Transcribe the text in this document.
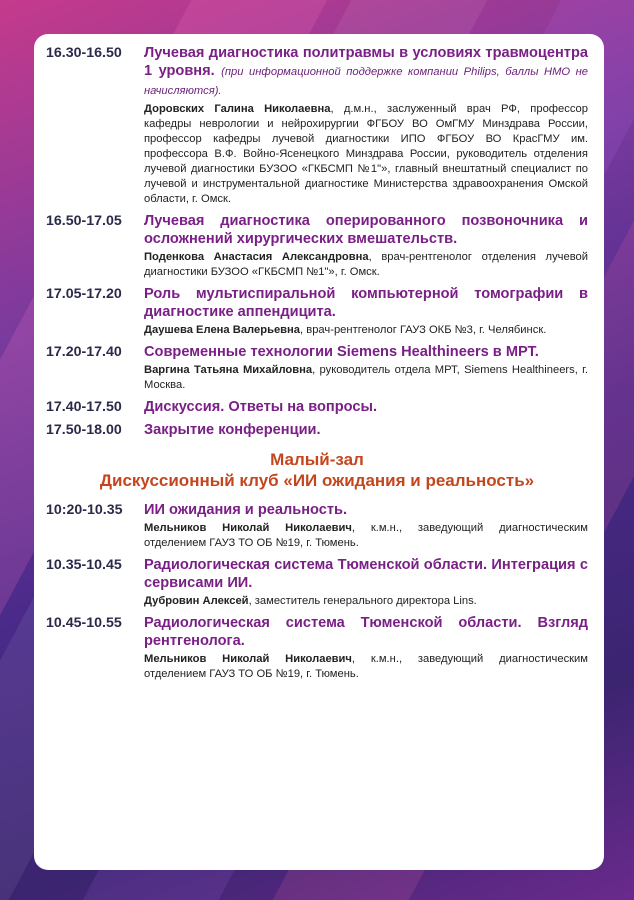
16.30-16.50	Лучевая диагностика политравмы в условиях травмоцентра 1 уровня. (при информационной поддержке компании Philips, баллы НМО не начисляются).
Доровских Галина Николаевна, д.м.н., заслуженный врач РФ, профессор кафедры неврологии и нейрохирургии ФГБОУ ВО ОмГМУ Минздрава России, профессор кафедры лучевой диагностики ИПО ФГБОУ ВО КрасГМУ им. профессора В.Ф. Войно-Ясенецкого Минздрава России, руководитель отделения лучевой диагностики БУЗОО «ГКБСМП №1"», главный внештатный специалист по лучевой и инструментальной диагностике Министерства здравоохранения Омской области, г. Омск.
16.50-17.05	Лучевая диагностика оперированного позвоночника и осложнений хирургических вмешательств.
Поденкова Анастасия Александровна, врач-рентгенолог отделения лучевой диагностики БУЗОО «ГКБСМП №1"», г. Омск.
17.05-17.20	Роль мультиспиральной компьютерной томографии в диагностике аппендицита.
Даушева Елена Валерьевна, врач-рентгенолог ГАУЗ ОКБ №3, г. Челябинск.
17.20-17.40	Современные технологии Siemens Healthineers в МРТ.
Варгина Татьяна Михайловна, руководитель отдела МРТ, Siemens Healthineers, г. Москва.
17.40-17.50	Дискуссия. Ответы на вопросы.
17.50-18.00	Закрытие конференции.
Малый-зал
Дискуссионный клуб «ИИ ожидания и реальность»
10:20-10.35	ИИ ожидания и реальность.
Мельников Николай Николаевич, к.м.н., заведующий диагностическим отделением ГАУЗ ТО ОБ №19, г. Тюмень.
10.35-10.45	Радиологическая система Тюменской области. Интеграция с сервисами ИИ.
Дубровин Алексей, заместитель генерального директора Lins.
10.45-10.55	Радиологическая система Тюменской области. Взгляд рентгенолога.
Мельников Николай Николаевич, к.м.н., заведующий диагностическим отделением ГАУЗ ТО ОБ №19, г. Тюмень.
